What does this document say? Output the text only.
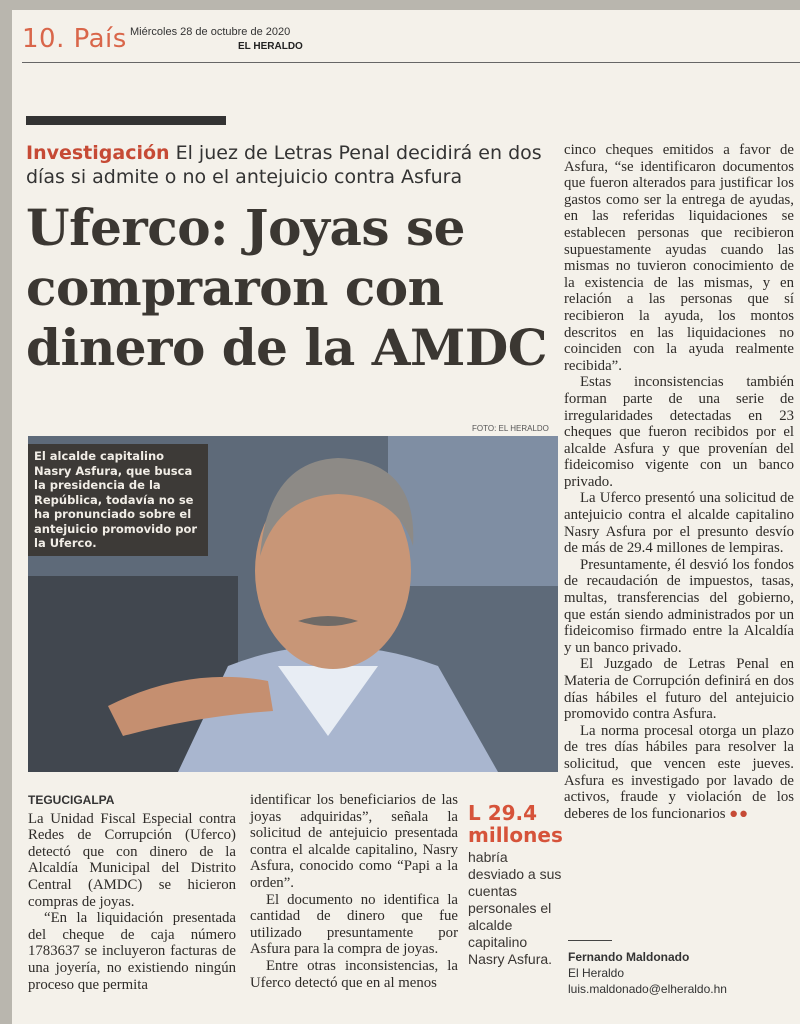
10. País Miércoles 28 de octubre de 2020
EL HERALDO
Investigación El juez de Letras Penal decidirá en dos días si admite o no el antejuicio contra Asfura
Uferco: Joyas se compraron con dinero de la AMDC
FOTO: EL HERALDO
El alcalde capitalino Nasry Asfura, que busca la presidencia de la República, todavía no se ha pronunciado sobre el antejuicio promovido por la Uferco.

TEGUCIGALPA

La Unidad Fiscal Especial contra Redes de Corrupción (Uferco) detectó que con dinero de la Alcaldía Municipal del Distrito Central (AMDC) se hicieron compras de joyas.

“En la liquidación presentada del cheque de caja número 1783637 se incluyeron facturas de una joyería, no existiendo ningún proceso que permita

identificar los beneficiarios de las joyas adquiridas”, señala la solicitud de antejuicio presentada contra el alcalde capitalino, Nasry Asfura, conocido como “Papi a la orden”.

El documento no identifica la cantidad de dinero que fue utilizado presuntamente por Asfura para la compra de joyas.

Entre otras inconsistencias, la Uferco detectó que en al menos

L 29.4
millones
habría desviado a sus cuentas personales el alcalde capitalino Nasry Asfura.

cinco cheques emitidos a favor de Asfura, “se identificaron documentos que fueron alterados para justificar los gastos como ser la entrega de ayudas, en las referidas liquidaciones se establecen personas que recibieron supuestamente ayudas cuando las mismas no tuvieron conocimiento de la existencia de las mismas, y en relación a las personas que sí recibieron la ayuda, los montos descritos en las liquidaciones no coinciden con la ayuda realmente recibida”.

Estas inconsistencias también forman parte de una serie de irregularidades detectadas en 23 cheques que fueron recibidos por el alcalde Asfura y que provenían del fideicomiso vigente con un banco privado.

La Uferco presentó una solicitud de antejuicio contra el alcalde capitalino Nasry Asfura por el presunto desvío de más de 29.4 millones de lempiras.

Presuntamente, él desvió los fondos de recaudación de impuestos, tasas, multas, transferencias del gobierno, que están siendo administrados por un fideicomiso firmado entre la Alcaldía y un banco privado.

El Juzgado de Letras Penal en Materia de Corrupción definirá en dos días hábiles el futuro del antejuicio promovido contra Asfura.

La norma procesal otorga un plazo de tres días hábiles para resolver la solicitud, que vencen este jueves. Asfura es investigado por lavado de activos, fraude y violación de los deberes de los funcionarios ●●

Fernando Maldonado
El Heraldo
luis.maldonado@elheraldo.hn
